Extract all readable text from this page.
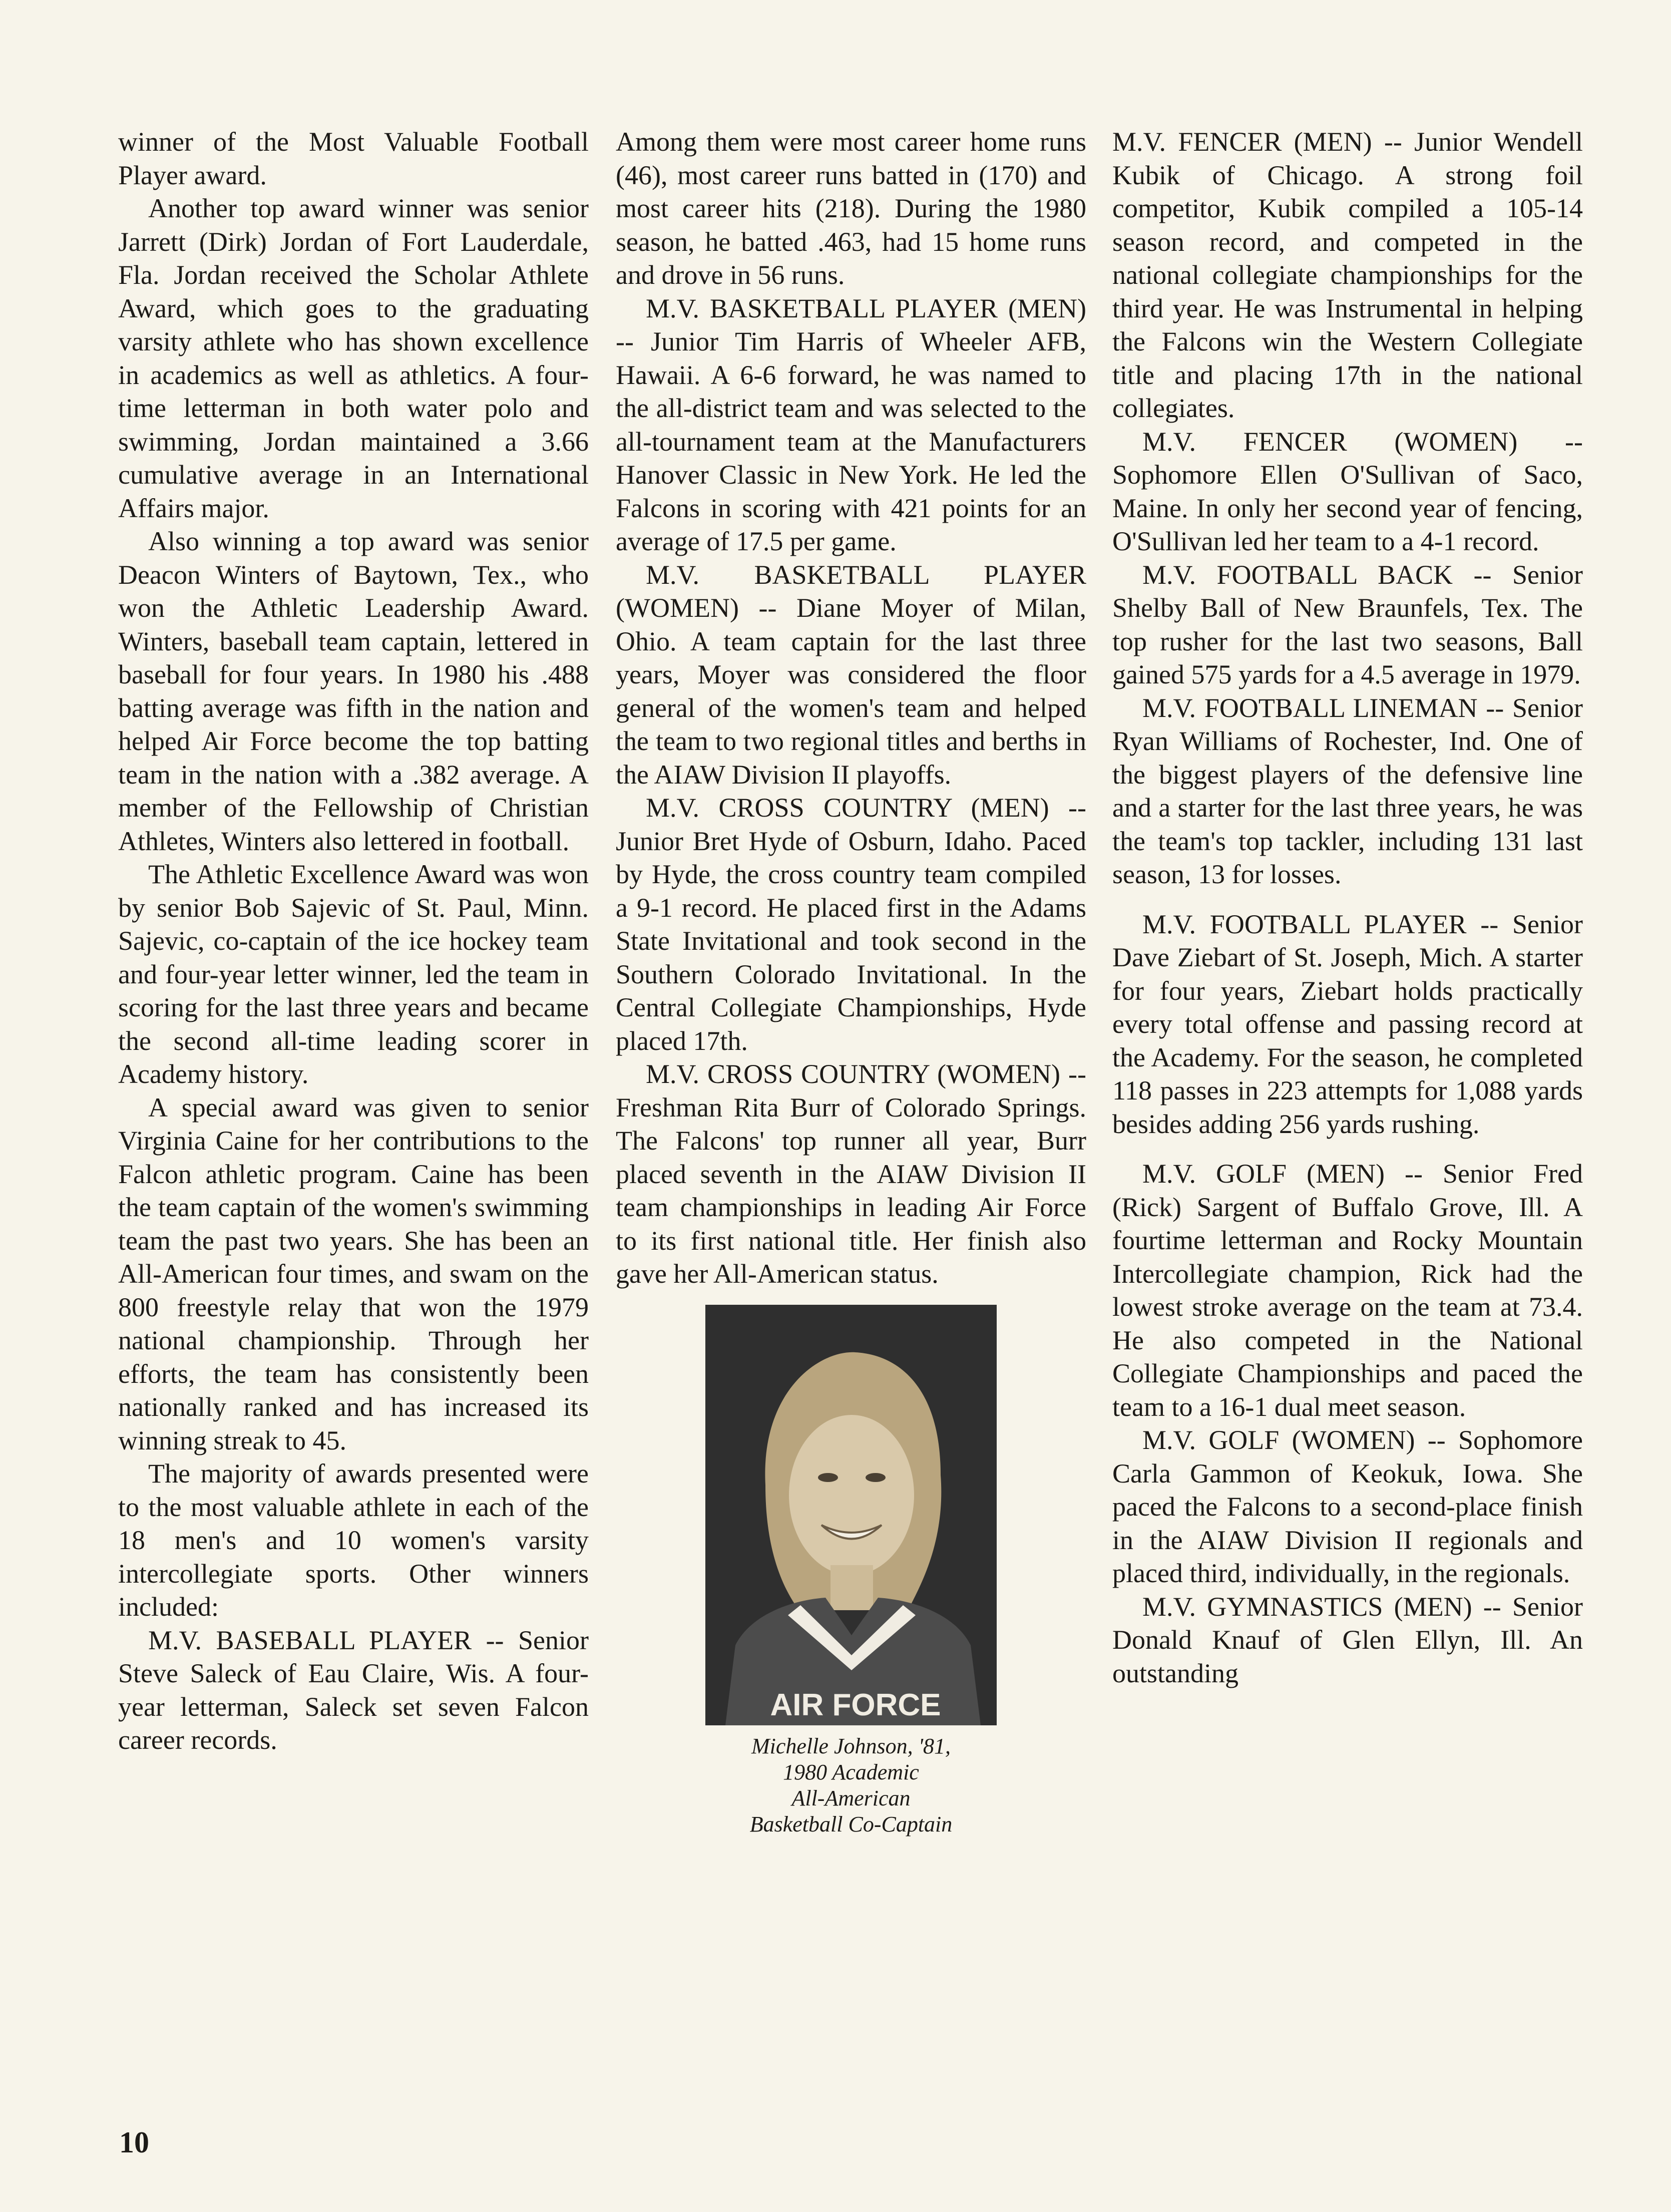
winner of the Most Valuable Football Player award.

Another top award winner was senior Jarrett (Dirk) Jordan of Fort Lauderdale, Fla. Jordan received the Scholar Athlete Award, which goes to the graduating varsity athlete who has shown excellence in academics as well as athletics. A four-time letterman in both water polo and swimming, Jordan maintained a 3.66 cumulative average in an International Affairs major.

Also winning a top award was senior Deacon Winters of Baytown, Tex., who won the Athletic Leadership Award. Winters, baseball team captain, lettered in baseball for four years. In 1980 his .488 batting average was fifth in the nation and helped Air Force become the top batting team in the nation with a .382 average. A member of the Fellowship of Christian Athletes, Winters also lettered in football.

The Athletic Excellence Award was won by senior Bob Sajevic of St. Paul, Minn. Sajevic, co-captain of the ice hockey team and four-year letter winner, led the team in scoring for the last three years and became the second all-time leading scorer in Academy history.

A special award was given to senior Virginia Caine for her contributions to the Falcon athletic program. Caine has been the team captain of the women's swimming team the past two years. She has been an All-American four times, and swam on the 800 freestyle relay that won the 1979 national championship. Through her efforts, the team has consistently been nationally ranked and has increased its winning streak to 45.

The majority of awards presented were to the most valuable athlete in each of the 18 men's and 10 women's varsity intercollegiate sports. Other winners included:

M.V. BASEBALL PLAYER -- Senior Steve Saleck of Eau Claire, Wis. A four-year letterman, Saleck set seven Falcon career records.

Among them were most career home runs (46), most career runs batted in (170) and most career hits (218). During the 1980 season, he batted .463, had 15 home runs and drove in 56 runs.

M.V. BASKETBALL PLAYER (MEN) -- Junior Tim Harris of Wheeler AFB, Hawaii. A 6-6 forward, he was named to the all-district team and was selected to the all-tournament team at the Manufacturers Hanover Classic in New York. He led the Falcons in scoring with 421 points for an average of 17.5 per game.

M.V. BASKETBALL PLAYER (WOMEN) -- Diane Moyer of Milan, Ohio. A team captain for the last three years, Moyer was considered the floor general of the women's team and helped the team to two regional titles and berths in the AIAW Division II playoffs.

M.V. CROSS COUNTRY (MEN) -- Junior Bret Hyde of Osburn, Idaho. Paced by Hyde, the cross country team compiled a 9-1 record. He placed first in the Adams State Invitational and took second in the Southern Colorado Invitational. In the Central Collegiate Championships, Hyde placed 17th.

M.V. CROSS COUNTRY (WOMEN) -- Freshman Rita Burr of Colorado Springs. The Falcons' top runner all year, Burr placed seventh in the AIAW Division II team championships in leading Air Force to its first national title. Her finish also gave her All-American status.

AIR FORCE
Michelle Johnson, '81,
1980 Academic
All-American
Basketball Co-Captain

M.V. FENCER (MEN) -- Junior Wendell Kubik of Chicago. A strong foil competitor, Kubik compiled a 105-14 season record, and competed in the national collegiate championships for the third year. He was Instrumental in helping the Falcons win the Western Collegiate title and placing 17th in the national collegiates.

M.V. FENCER (WOMEN) -- Sophomore Ellen O'Sullivan of Saco, Maine. In only her second year of fencing, O'Sullivan led her team to a 4-1 record.

M.V. FOOTBALL BACK -- Senior Shelby Ball of New Braunfels, Tex. The top rusher for the last two seasons, Ball gained 575 yards for a 4.5 average in 1979.

M.V. FOOTBALL LINEMAN -- Senior Ryan Williams of Rochester, Ind. One of the biggest players of the defensive line and a starter for the last three years, he was the team's top tackler, including 131 last season, 13 for losses.

M.V. FOOTBALL PLAYER -- Senior Dave Ziebart of St. Joseph, Mich. A starter for four years, Ziebart holds practically every total offense and passing record at the Academy. For the season, he completed 118 passes in 223 attempts for 1,088 yards besides adding 256 yards rushing.

M.V. GOLF (MEN) -- Senior Fred (Rick) Sargent of Buffalo Grove, Ill. A fourtime letterman and Rocky Mountain Intercollegiate champion, Rick had the lowest stroke average on the team at 73.4. He also competed in the National Collegiate Championships and paced the team to a 16-1 dual meet season.

M.V. GOLF (WOMEN) -- Sophomore Carla Gammon of Keokuk, Iowa. She paced the Falcons to a second-place finish in the AIAW Division II regionals and placed third, individually, in the regionals.

M.V. GYMNASTICS (MEN) -- Senior Donald Knauf of Glen Ellyn, Ill. An outstanding

10
